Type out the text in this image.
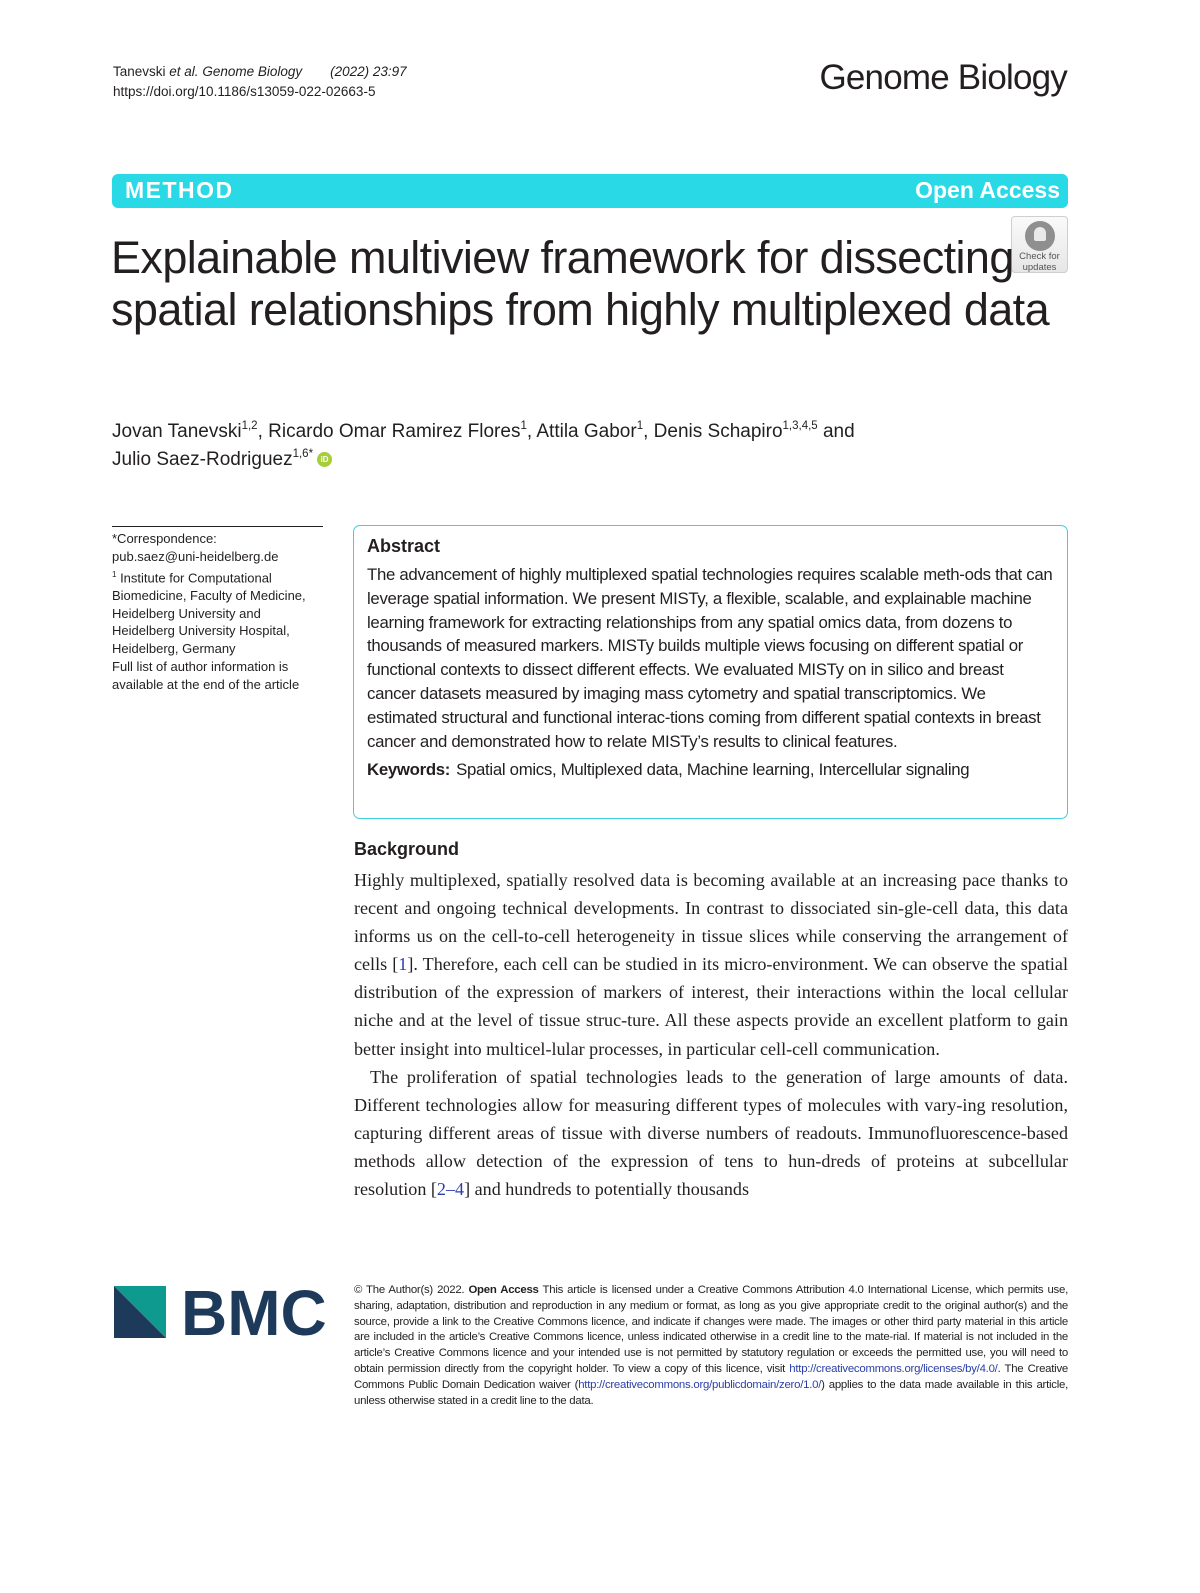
Tanevski et al. Genome Biology (2022) 23:97
https://doi.org/10.1186/s13059-022-02663-5	Genome Biology
METHOD	Open Access
Check for
updates
Explainable multiview framework for dissecting spatial relationships from highly multiplexed data
Jovan Tanevski$^{1,2}$, Ricardo Omar Ramirez Flores$^1$, Attila Gabor$^1$, Denis Schapiro$^{1,3,4,5}$ and
Julio Saez-Rodriguez$^{1,6*}$iD
*Correspondence:
pub.saez@uni-heidelberg.de
$^1$ Institute for Computational Biomedicine, Faculty of Medicine, Heidelberg University and Heidelberg University Hospital, Heidelberg, Germany
Full list of author information is available at the end of the article
Abstract

The advancement of highly multiplexed spatial technologies requires scalable meth-ods that can leverage spatial information. We present MISTy, a flexible, scalable, and explainable machine learning framework for extracting relationships from any spatial omics data, from dozens to thousands of measured markers. MISTy builds multiple views focusing on different spatial or functional contexts to dissect different effects. We evaluated MISTy on in silico and breast cancer datasets measured by imaging mass cytometry and spatial transcriptomics. We estimated structural and functional interac-tions coming from different spatial contexts in breast cancer and demonstrated how to relate MISTy’s results to clinical features.

Keywords: Spatial omics, Multiplexed data, Machine learning, Intercellular signaling
Background

Highly multiplexed, spatially resolved data is becoming available at an increasing pace thanks to recent and ongoing technical developments. In contrast to dissociated sin-gle-cell data, this data informs us on the cell-to-cell heterogeneity in tissue slices while conserving the arrangement of cells [1]. Therefore, each cell can be studied in its micro-environment. We can observe the spatial distribution of the expression of markers of interest, their interactions within the local cellular niche and at the level of tissue struc-ture. All these aspects provide an excellent platform to gain better insight into multicel-lular processes, in particular cell-cell communication.

The proliferation of spatial technologies leads to the generation of large amounts of data. Different technologies allow for measuring different types of molecules with vary-ing resolution, capturing different areas of tissue with diverse numbers of readouts. Immunofluorescence-based methods allow detection of the expression of tens to hun-dreds of proteins at subcellular resolution [2–4] and hundreds to potentially thousands

BMC © The Author(s) 2022. Open Access This article is licensed under a Creative Commons Attribution 4.0 International License, which permits use, sharing, adaptation, distribution and reproduction in any medium or format, as long as you give appropriate credit to the original author(s) and the source, provide a link to the Creative Commons licence, and indicate if changes were made. The images or other third party material in this article are included in the article’s Creative Commons licence, unless indicated otherwise in a credit line to the mate-rial. If material is not included in the article’s Creative Commons licence and your intended use is not permitted by statutory regulation or exceeds the permitted use, you will need to obtain permission directly from the copyright holder. To view a copy of this licence, visit http://creativecommons.org/licenses/by/4.0/. The Creative Commons Public Domain Dedication waiver (http://creativecommons.org/publicdomain/zero/1.0/) applies to the data made available in this article, unless otherwise stated in a credit line to the data.
